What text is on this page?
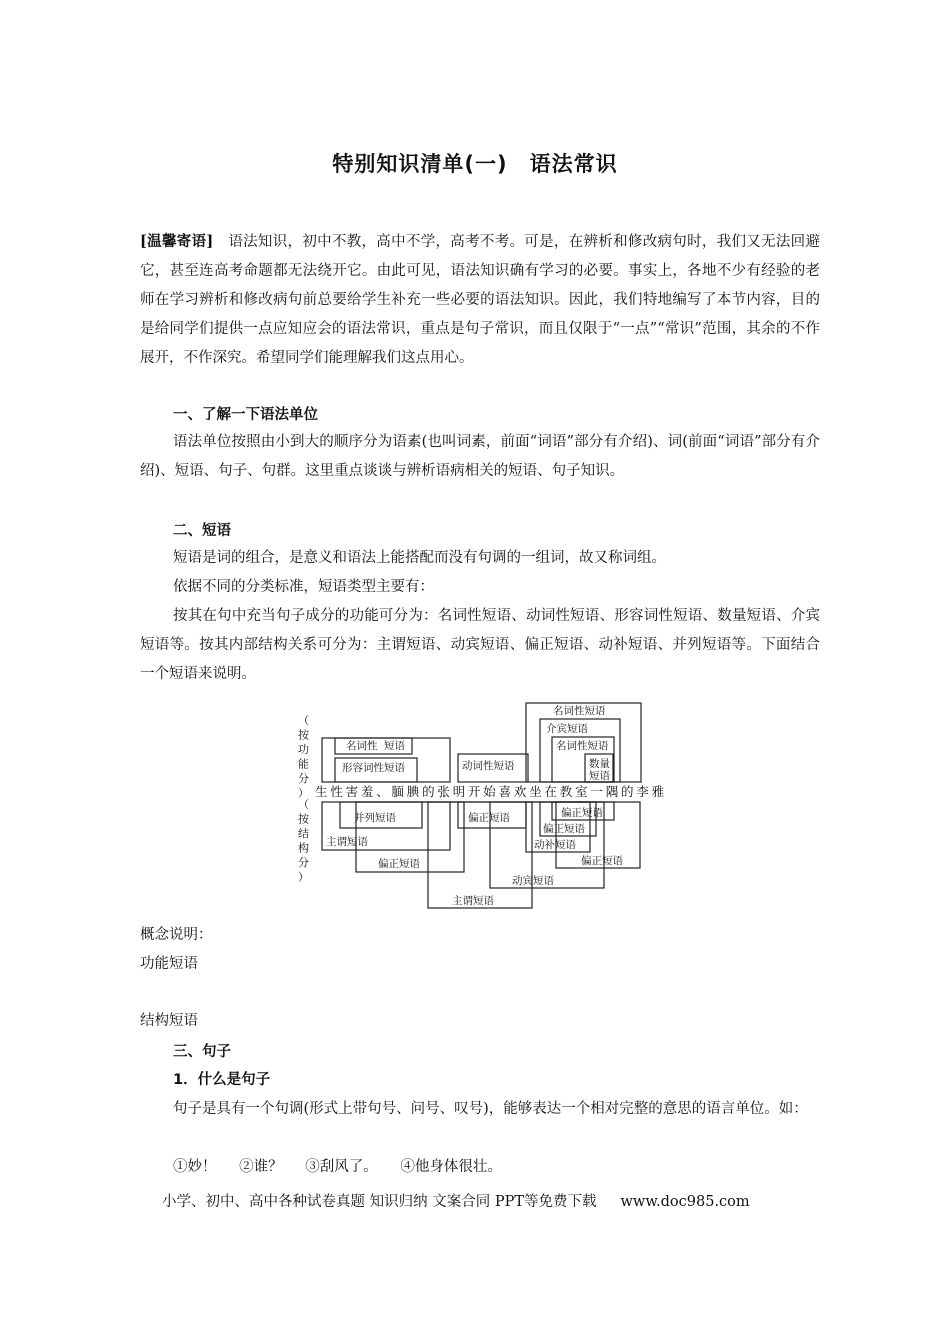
特别知识清单(一)　语法常识

[温馨寄语]　语法知识，初中不教，高中不学，高考不考。可是，在辨析和修改病句时，我们又无法回避它，甚至连高考命题都无法绕开它。由此可见，语法知识确有学习的必要。事实上，各地不少有经验的老师在学习辨析和修改病句前总要给学生补充一些必要的语法知识。因此，我们特地编写了本节内容，目的是给同学们提供一点应知应会的语法常识，重点是句子常识，而且仅限于“一点”“常识”范围，其余的不作展开，不作深究。希望同学们能理解我们这点用心。

一、了解一下语法单位

语法单位按照由小到大的顺序分为语素(也叫词素，前面“词语”部分有介绍)、词(前面“词语”部分有介绍)、短语、句子、句群。这里重点谈谈与辨析语病相关的短语、句子知识。

二、短语

短语是词的组合，是意义和语法上能搭配而没有句调的一组词，故又称词组。

依据不同的分类标准，短语类型主要有：

按其在句中充当句子成分的功能可分为：名词性短语、动词性短语、形容词性短语、数量短语、介宾短语等。按其内部结构关系可分为：主谓短语、动宾短语、偏正短语、动补短语、并列短语等。下面结合一个短语来说明。

名词性 短语
形容词性短语	动词性短语
名词性短语
介宾短语
名词性短语
数量
短语
并列短语
主谓短语
偏正短语
偏正短语	偏正短语
偏正短语
动补短语
偏正短语
动宾短语
主谓短语
（
按
功
能
分
）
（
按
结
构
分
）
生 性 害 羞 、 腼 腆 的 张 明 开 始 喜 欢 坐 在 教 室 一 隅 的 李 雅

概念说明：

功能短语

结构短语

三、句子

1．什么是句子

句子是具有一个句调(形式上带句号、问号、叹号)，能够表达一个相对完整的意思的语言单位。如：

①妙！ ②谁？ ③刮风了。 ④他身体很壮。
小学、初中、高中各种试卷真题 知识归纳 文案合同 PPT等免费下载 www.doc985.com
